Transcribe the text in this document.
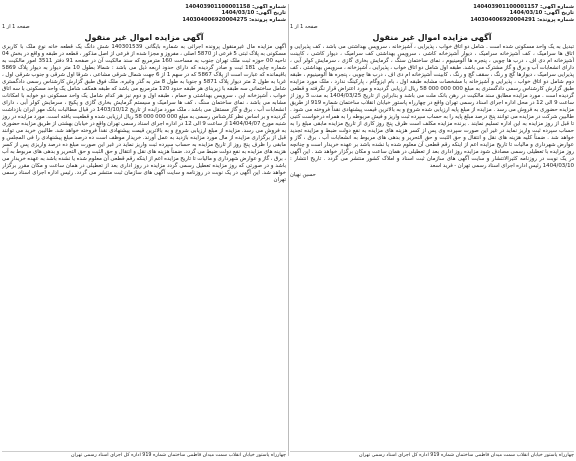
شماره آگهی: 140403901100001158
تاریخ آگهی: 1404/03/10
شماره پرونده: 140304006920004275
صفحه 1 از 1
آگهی مزایده اموال غیر منقول
آگهی مزایده مال غیرمنقول پرونده اجرائی به شماره بایگانی 140301539 شش دانگ یک قطعه خانه نوع ملک با کاربری مسکونی به پلاک ثبتی 5 فرعی از 5870 اصلی ، مفروز و مجزا شده از فرعی از اصل مذکور ، قطعه در طبقه و واقع در بخش 04 ناحیه 00 حوزه ثبت ملک تهران جنوب به مساحت 160 مترمربع که سند مالکیت آن در صفحه 91 دفتر 3511 امور مالکیت به شماره چاپی 181 ثبت و صادر گردیده که دارای حدود اربعه ذیل می باشد : شمالا بطول 10 متر دیوار به دیوار پلاک 5869 باقیمانده که عبارت است از پلاک 5867 که در سهم 1 از 6 جهت شمال شرقی مشاعی ، شرقا اول شرقی و جنوب شرقی اول ، غربا به طول 2 متر دیوار پلاک 5871 و جنوبا به طول 8 متر به گذر وغیره. ملک فوق طبق گزارش کارشناس رسمی دادگستری شامل ساختمانی سه طبقه با زیربنای هر طبقه حدود 120 مترمربع می باشد که طبقه همکف شامل یک واحد مسکونی با سه اتاق خواب ، آشپزخانه اپن ، سرویس بهداشتی و حمام ، طبقه اول و دوم نیز هر کدام شامل یک واحد مسکونی دو خوابه با امکانات مشابه می باشد ، نمای ساختمان سنگ ، کف ها سرامیک و سیستم گرمایش بخاری گازی و پکیج ، سرمایش کولر آبی ، دارای انشعابات آب ، برق و گاز مستقل می باشد ، ملک مورد مزایده از تاریخ 1403/10/12 در قبال مطالبات بانک مهر ایران بازداشت گردیده و بر اساس نظر کارشناس رسمی به مبلغ 000 000 000 58 ریال ارزیابی شده و قطعیت یافته است. مورد مزایده در روز شنبه مورخ 1404/04/07 از ساعت 9 الی 12 در اداره اجرای اسناد رسمی تهران واقع در خیابان بهشتی از طریق مزایده حضوری به فروش می رسد. مزایده از مبلغ ارزیابی شروع و به بالاترین قیمت پیشنهادی نقداً فروخته خواهد شد. طالبین خرید می توانند قبل از برگزاری مزایده از مال مورد مزایده بازدید به عمل آورند. خریدار موظف است ده درصد مبلغ پیشنهادی را فی المجلس و مابقی را ظرف پنج روز از تاریخ مزایده به حساب سپرده ثبت واریز نماید در غیر این صورت مبلغ ده درصد واریزی پس از کسر هزینه های مزایده به نفع دولت ضبط می گردد. ضمناً هزینه های نقل و انتقال و حق الثبت و حق التحریر و بدهی های مربوط به آب ، برق ، گاز و عوارض شهرداری و مالیات تا تاریخ مزایده اعم از اینکه رقم قطعی آن معلوم شده یا نشده باشد به عهده خریدار می باشد و در صورتی که روز مزایده تعطیل رسمی گردد مزایده در روز اداری بعد از تعطیلی در همان ساعت و مکان مقرر برگزار خواهد شد. این آگهی در یک نوبت در روزنامه و سایت آگهی های سازمان ثبت منتشر می گردد. رئیس اداره اجرای اسناد رسمی تهران
چهارراه پاستور خیابان انقلاب سمت میدان فاطمی ساختمان شماره 919 اداره کل اجرای اسناد رسمی تهران
شماره آگهی: 140403901100001157
تاریخ آگهی: 1404/03/10
شماره پرونده: 140304006920004291
صفحه 1 از 1
آگهی مزایده اموال غیر منقول
تبدیل به یک واحد مسکونی شده است . شامل دو اتاق خواب ، پذیرایی ، آشپزخانه ، سرویس بهداشتی می باشد ، کف پذیرایی و اتاق ها سرامیک ، کف آشپزخانه سرامیک ، دیوار آشپزخانه کاشی ، سرویس بهداشتی کف سرامیک ، دیوار کاشی ، کابینت آشپزخانه ام دی اف ، درب ها چوبی ، پنجره ها آلومینیوم ، نمای ساختمان سنگ ، گرمایش بخاری گازی ، سرمایش کولر آبی ، دارای انشعابات آب و برق و گاز مشترک می باشد. طبقه اول شامل دو اتاق خواب ، پذیرایی ، آشپزخانه ، سرویس بهداشتی ، کف پذیرایی سرامیک ، دیوارها گچ و رنگ ، سقف گچ و رنگ ، کابینت آشپزخانه ام دی اف ، درب ها چوبی ، پنجره ها آلومینیوم ، طبقه دوم شامل دو اتاق خواب ، پذیرایی و آشپزخانه با مشخصات مشابه طبقه اول ، بام ایزوگام ، پارکینگ ندارد ، ملک مورد مزایده طبق گزارش کارشناس رسمی دادگستری به مبلغ 000 000 000 58 ریال ارزیابی گردیده و مورد اعتراض قرار نگرفته و قطعی گردیده است . مورد مزایده مطابق سند مالکیت در رهن بانک ملت می باشد و بنابراین از تاریخ 1404/03/25 به مدت 3 روز از ساعت 9 الی 12 در محل اداره اجرای اسناد رسمی تهران واقع در چهارراه پاستور خیابان انقلاب ساختمان شماره 919 از طریق مزایده حضوری به فروش می رسد . مزایده از مبلغ پایه ارزیابی شده شروع و به بالاترین قیمت پیشنهادی نقداً فروخته می شود . طالبین شرکت در مزایده می توانند پنج درصد مبلغ پایه را به حساب سپرده ثبت واریز و فیش مربوطه را به همراه درخواست کتبی تا قبل از روز مزایده به این اداره تسلیم نمایند . برنده مزایده مکلف است ظرف پنج روز کاری از تاریخ مزایده مابقی مبلغ را به حساب سپرده ثبت واریز نماید در غیر این صورت سپرده وی پس از کسر هزینه های مزایده به نفع دولت ضبط و مزایده تجدید خواهد شد . ضمناً کلیه هزینه های نقل و انتقال و حق الثبت و حق التحریر و بدهی های مربوط به انشعابات آب ، برق ، گاز و عوارض شهرداری و مالیات تا تاریخ مزایده اعم از اینکه رقم قطعی آن معلوم شده یا نشده باشد بر عهده خریدار است و چنانچه روز مزایده با تعطیلی رسمی مصادف شود مزایده روز اداری بعد از تعطیلی در همان ساعت و مکان برگزار خواهد شد . این آگهی در یک نوبت در روزنامه کثیرالانتشار و سایت آگهی های سازمان ثبت اسناد و املاک کشور منتشر می گردد . تاریخ انتشار : 1404/03/10 رئیس اداره اجرای اسناد رسمی تهران - فرید اسعد
حسین نهیان
چهارراه پاستور خیابان انقلاب سمت میدان فاطمی ساختمان شماره 919 اداره کل اجرای اسناد رسمی تهران
